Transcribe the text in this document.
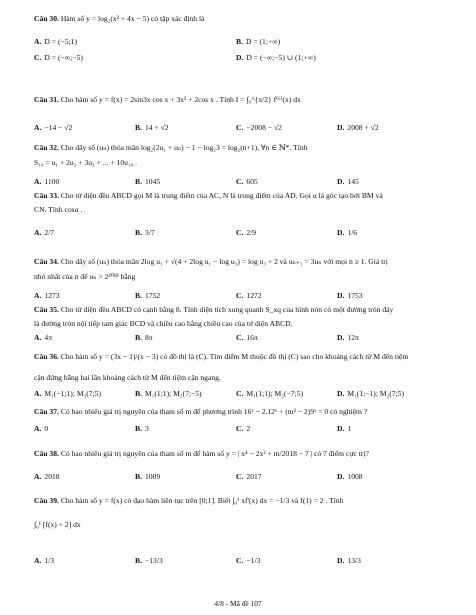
Câu 30. Hàm số y = log₂(x² + 4x − 5) có tập xác định là
A. D = (−5;1)	B. D = (1;+∞)
C. D = (−∞;−5)	D. D = (−∞;−5) ∪ (1;+∞)
Câu 31. Cho hàm số y = f(x) = 2sin3x cos x + 3x² + 2cos x . Tính I = ∫₀^{π/2} f⁽⁶⁾(x) dx
A. −14 − √2	B. 14 + √2	C. −2008 − √2	D. 2008 + √2
Câu 32. Cho dãy số (uₙ) thỏa mãn log₂(2u₁ + uₙ) − 1 − log₂3 = log₂(n+1), ∀n ∈ ℕ*. Tính
S₁₀ = u₁ + 2u₂ + 3u₃ + ... + 10u₁₀ .
A. 1100	B. 1045	C. 605	D. 145
Câu 33. Cho tứ diện đều ABCD gọi M là trung điểm của AC, N là trung điểm của AD. Gọi α là góc tạo bởi BM và
CN. Tính cosα .
A. 2/7	B. 3/7	C. 2/9	D. 1/6
Câu 34. Cho dãy số (uₙ) thỏa mãn 2log u₁ + √(4 + 2log u₁ − log u₃) = log u₃ + 2 và uₙ₊₁ = 3uₙ với mọi n ≥ 1. Giá trị
nhỏ nhất của n để uₙ > 2²⁰¹⁸ bằng
A. 1273	B. 1752	C. 1272	D. 1753
Câu 35. Cho tứ diện đều ABCD có cạnh bằng 8. Tính diện tích xung quanh S_xq của hình nón có một đường tròn đáy
là đường tròn nội tiếp tam giác BCD và chiều cao bằng chiều cao của tứ diện ABCD.
A. 4π	B. 8π	C. 16π	D. 12π
Câu 36. Cho hàm số y = (3x − 1)/(x − 3) có đồ thị là (C). Tìm điểm M thuộc đồ thị (C) sao cho khoảng cách từ M đến tiệm
cận đứng bằng hai lần khoảng cách từ M đến tiệm cận ngang.
A. M₁(−1;1); M₂(7;5)	B. M₁(1;1); M₂(7;−5)	C. M₁(1;1); M₂(−7;5)	D. M₁(1;−1); M₂(7;5)
Câu 37. Có bao nhiêu giá trị nguyên của tham số m để phương trình 16ˣ − 2.12ˣ + (m² − 2)9ˣ = 0 có nghiệm ?
A. 0	B. 3	C. 2	D. 1
Câu 38. Có bao nhiêu giá trị nguyên của tham số m để hàm số y = | x⁴ − 2x² + m/2018 − 7 | có 7 điểm cực trị?
A. 2018	B. 1009	C. 2017	D. 1008
Câu 39. Cho hàm số y = f(x) có đạo hàm liên tục trên [0;1]. Biết ∫₀¹ xf'(x) dx = −1/3 và f(1) = 2 . Tính
∫₀¹ [f(x) + 2] dx
A. 1/3	B. −13/3	C. −1/3	D. 13/3
4/8 - Mã đề 107
